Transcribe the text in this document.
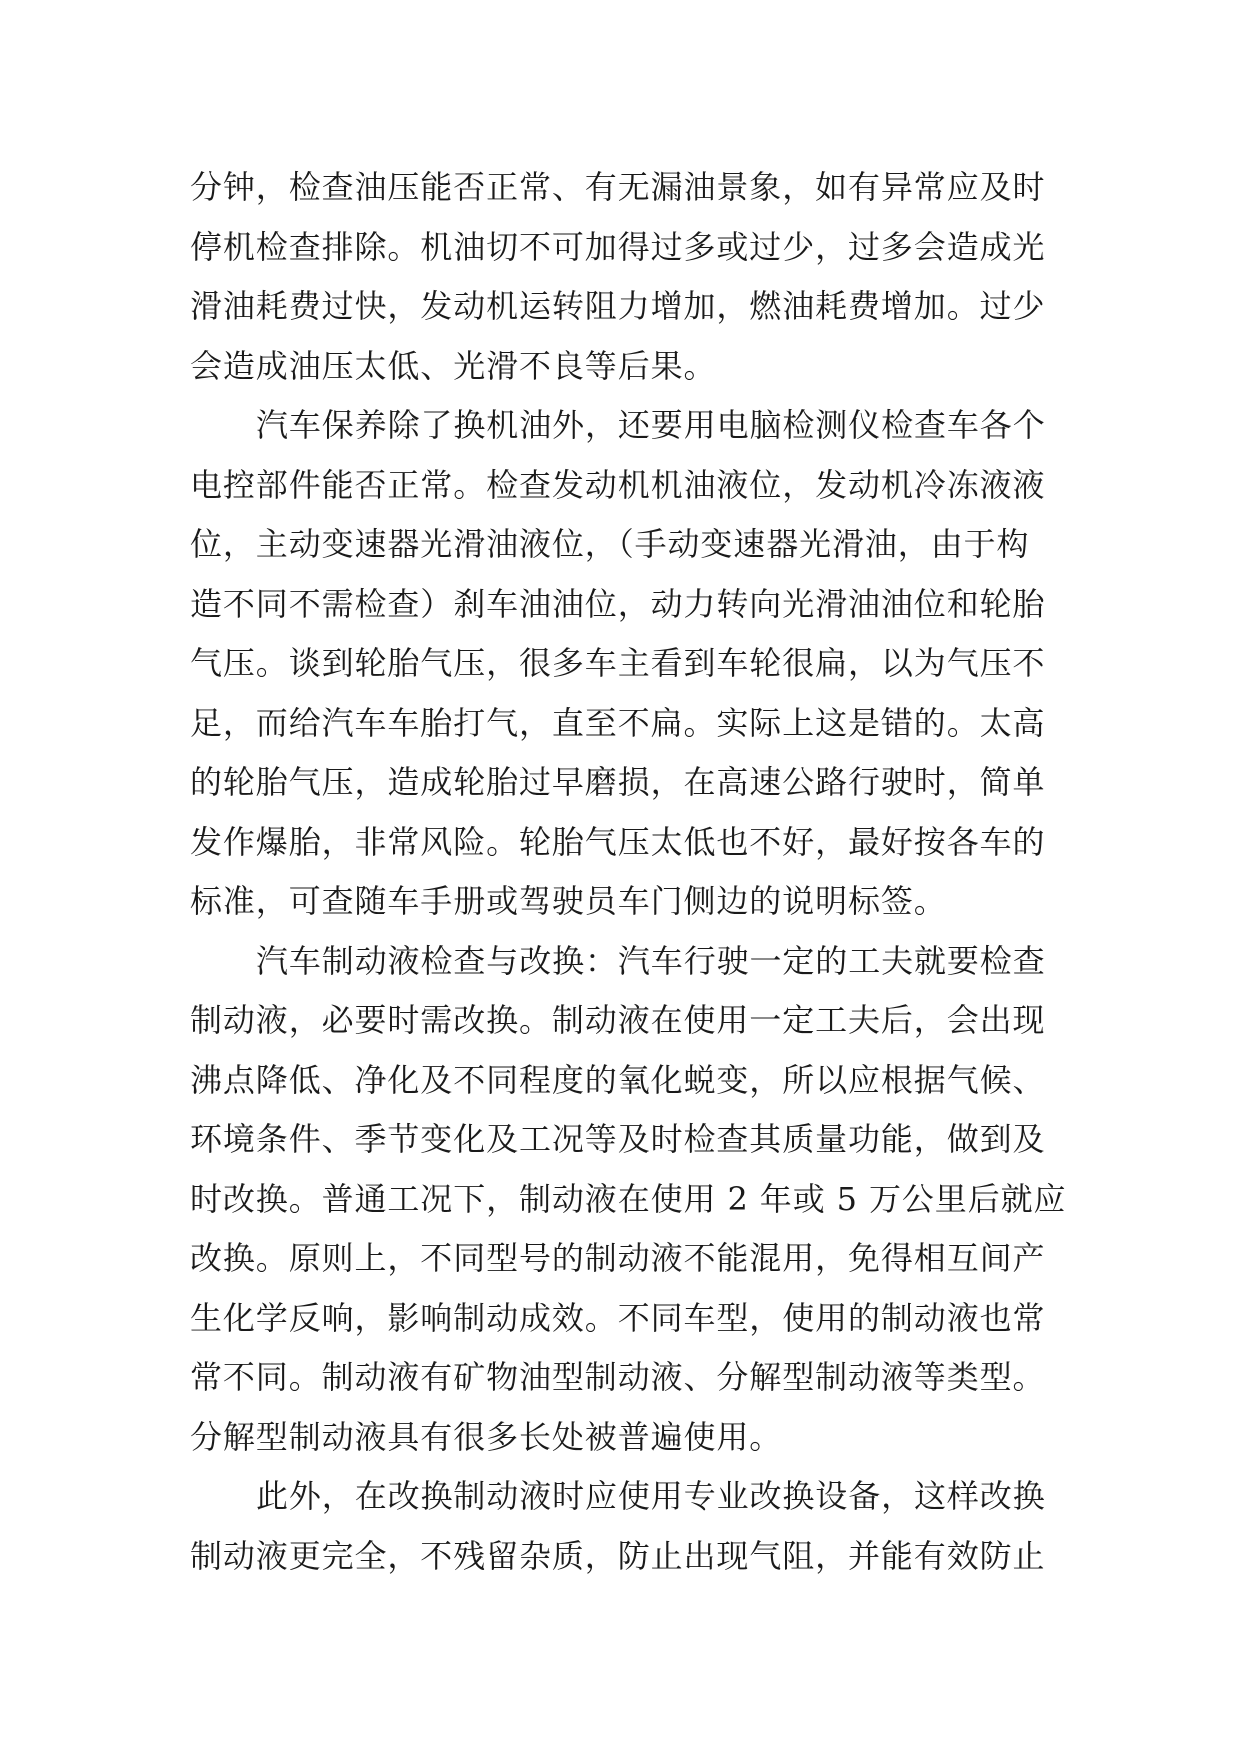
分钟，检查油压能否正常、有无漏油景象，如有异常应及时
停机检查排除。机油切不可加得过多或过少，过多会造成光
滑油耗费过快，发动机运转阻力增加，燃油耗费增加。过少
会造成油压太低、光滑不良等后果。
汽车保养除了换机油外，还要用电脑检测仪检查车各个
电控部件能否正常。检查发动机机油液位，发动机冷冻液液
位，主动变速器光滑油液位，（手动变速器光滑油，由于构
造不同不需检查）刹车油油位，动力转向光滑油油位和轮胎
气压。谈到轮胎气压，很多车主看到车轮很扁，以为气压不
足，而给汽车车胎打气，直至不扁。实际上这是错的。太高
的轮胎气压，造成轮胎过早磨损，在高速公路行驶时，简单
发作爆胎，非常风险。轮胎气压太低也不好，最好按各车的
标准，可查随车手册或驾驶员车门侧边的说明标签。
汽车制动液检查与改换：汽车行驶一定的工夫就要检查
制动液，必要时需改换。制动液在使用一定工夫后，会出现
沸点降低、净化及不同程度的氧化蜕变，所以应根据气候、
环境条件、季节变化及工况等及时检查其质量功能，做到及
时改换。普通工况下，制动液在使用 2 年或 5 万公里后就应
改换。原则上，不同型号的制动液不能混用，免得相互间产
生化学反响，影响制动成效。不同车型，使用的制动液也常
常不同。制动液有矿物油型制动液、分解型制动液等类型。
分解型制动液具有很多长处被普遍使用。
此外，在改换制动液时应使用专业改换设备，这样改换
制动液更完全，不残留杂质，防止出现气阻，并能有效防止
